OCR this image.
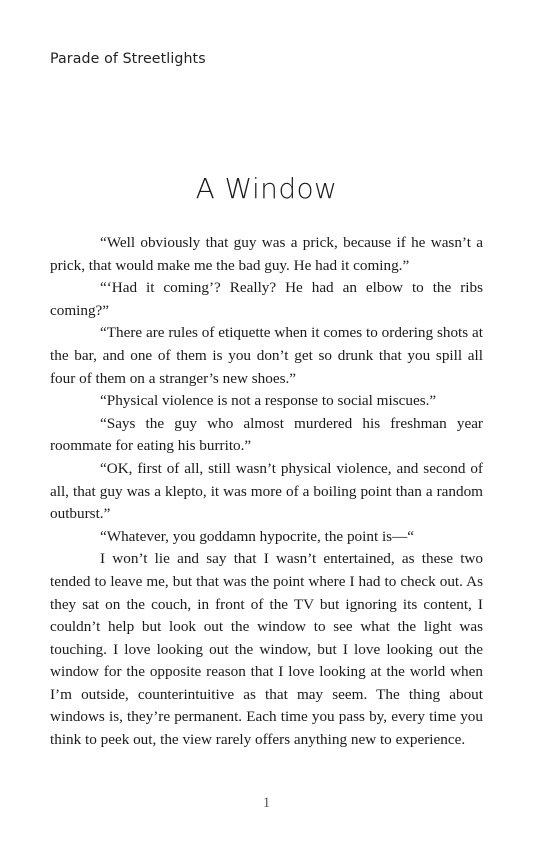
Parade of Streetlights
A Window

“Well obviously that guy was a prick, because if he wasn’t a prick, that would make me the bad guy. He had it coming.”

“‘Had it coming’? Really? He had an elbow to the ribs coming?”

“There are rules of etiquette when it comes to ordering shots at the bar, and one of them is you don’t get so drunk that you spill all four of them on a stranger’s new shoes.”

“Physical violence is not a response to social miscues.”

“Says the guy who almost murdered his freshman year roommate for eating his burrito.”

“OK, first of all, still wasn’t physical violence, and second of all, that guy was a klepto, it was more of a boiling point than a random outburst.”

“Whatever, you goddamn hypocrite, the point is—“

I won’t lie and say that I wasn’t entertained, as these two tended to leave me, but that was the point where I had to check out. As they sat on the couch, in front of the TV but ignoring its content, I couldn’t help but look out the window to see what the light was touching. I love looking out the window, but I love looking out the window for the opposite reason that I love looking at the world when I’m outside, counterintuitive as that may seem. The thing about windows is, they’re permanent. Each time you pass by, every time you think to peek out, the view rarely offers anything new to experience.

1
